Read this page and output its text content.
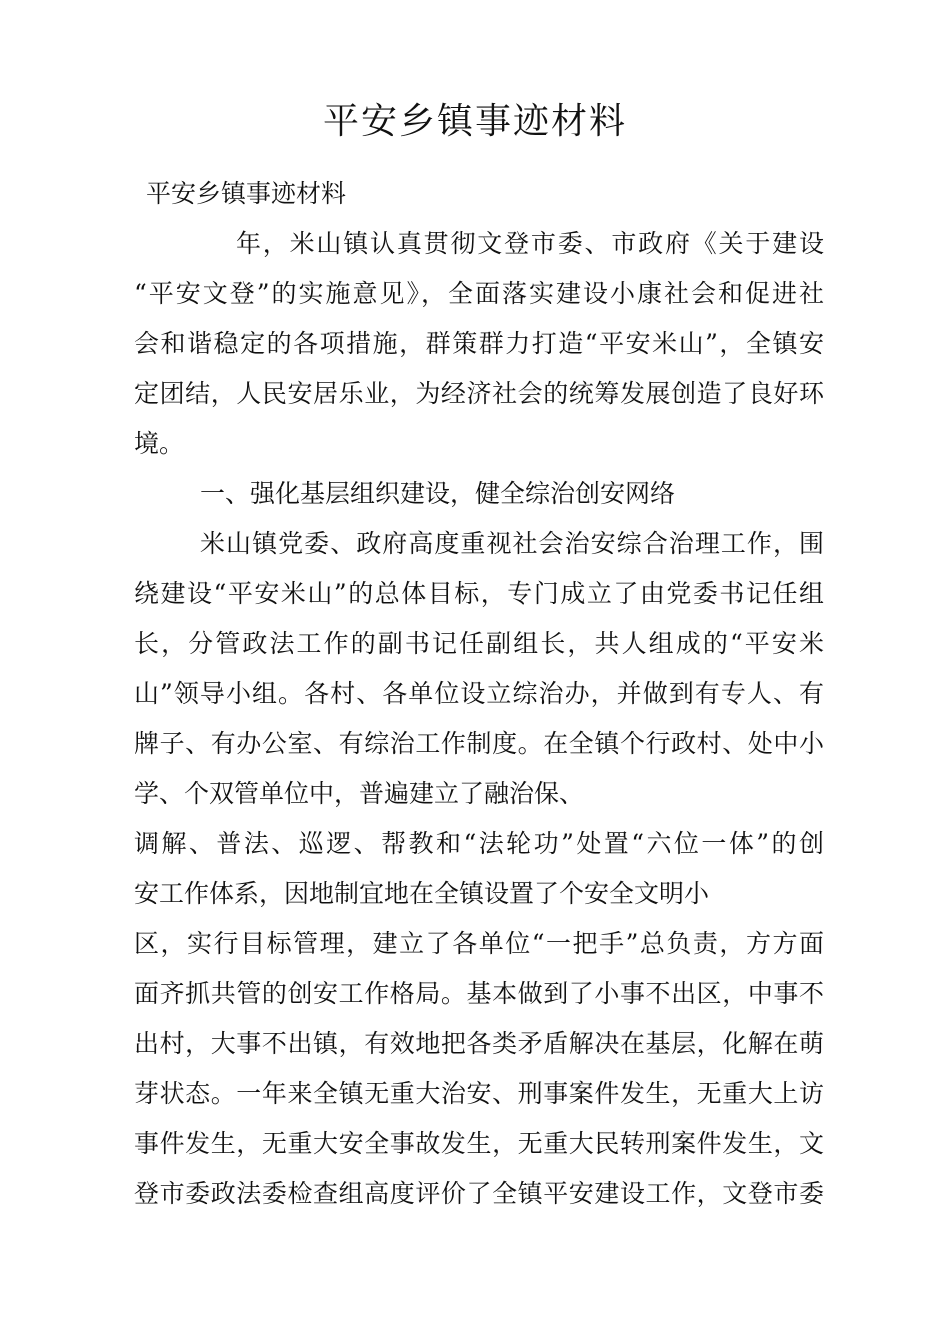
平安乡镇事迹材料
平安乡镇事迹材料
年，米山镇认真贯彻文登市委、市政府《关于建设
“平安文登”的实施意见》，全面落实建设小康社会和促进社
会和谐稳定的各项措施，群策群力打造“平安米山”，全镇安
定团结，人民安居乐业，为经济社会的统筹发展创造了良好环
境。
一、强化基层组织建设，健全综治创安网络
米山镇党委、政府高度重视社会治安综合治理工作，围
绕建设“平安米山”的总体目标，专门成立了由党委书记任组
长，分管政法工作的副书记任副组长，共人组成的“平安米
山”领导小组。各村、各单位设立综治办，并做到有专人、有
牌子、有办公室、有综治工作制度。在全镇个行政村、处中小
学、个双管单位中，普遍建立了融治保、
调解、普法、巡逻、帮教和“法轮功”处置“六位一体”的创
安工作体系，因地制宜地在全镇设置了个安全文明小
区，实行目标管理，建立了各单位“一把手”总负责，方方面
面齐抓共管的创安工作格局。基本做到了小事不出区，中事不
出村，大事不出镇，有效地把各类矛盾解决在基层，化解在萌
芽状态。一年来全镇无重大治安、刑事案件发生，无重大上访
事件发生，无重大安全事故发生，无重大民转刑案件发生，文
登市委政法委检查组高度评价了全镇平安建设工作，文登市委
